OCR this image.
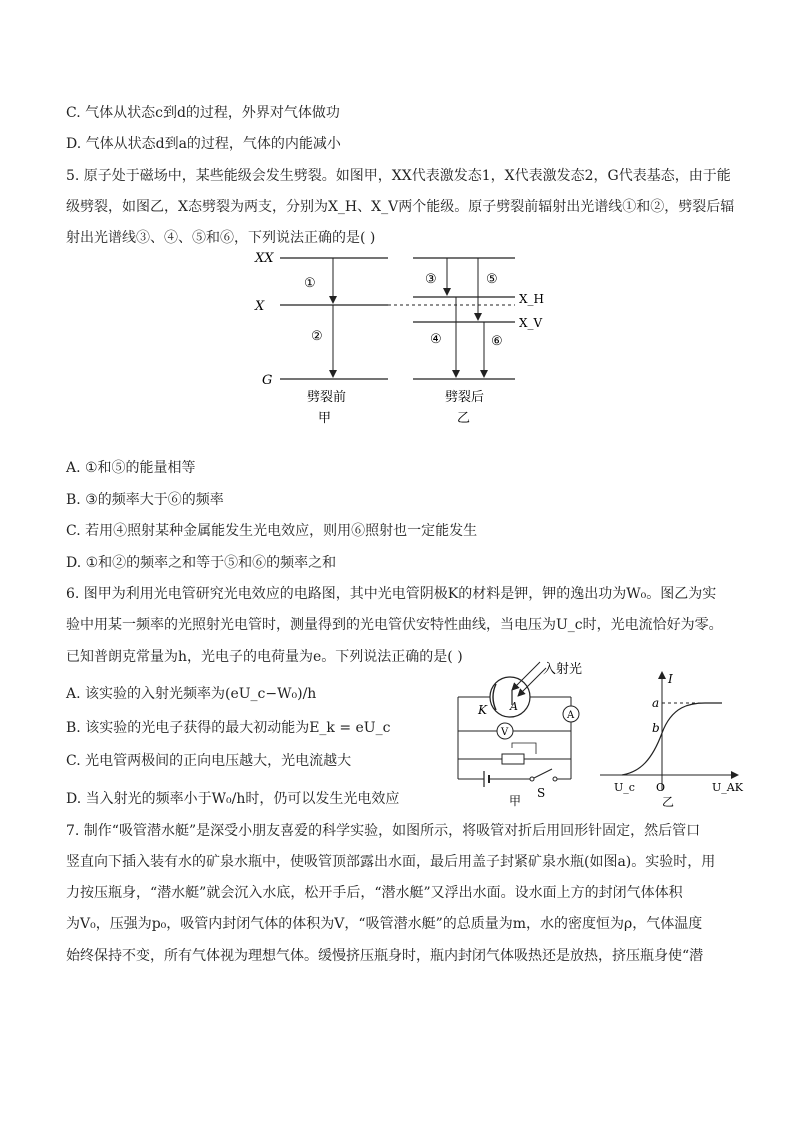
C. 气体从状态c到d的过程，外界对气体做功
D. 气体从状态d到a的过程，气体的内能减小
5. 原子处于磁场中，某些能级会发生劈裂。如图甲，XX代表激发态1，X代表激发态2，G代表基态，由于能
级劈裂，如图乙，X态劈裂为两支，分别为X_H、X_V两个能级。原子劈裂前辐射出光谱线①和②，劈裂后辐
射出光谱线③、④、⑤和⑥，下列说法正确的是( )
XX
X
G
①
②
劈裂前
甲
③	⑤
④	⑥
X_H
X_V
劈裂后
乙
A. ①和⑤的能量相等
B. ③的频率大于⑥的频率
C. 若用④照射某种金属能发生光电效应，则用⑥照射也一定能发生
D. ①和②的频率之和等于⑤和⑥的频率之和
6. 图甲为利用光电管研究光电效应的电路图，其中光电管阴极K的材料是钾，钾的逸出功为W₀。图乙为实
验中用某一频率的光照射光电管时，测量得到的光电管伏安特性曲线，当电压为U_c时，光电流恰好为零。
已知普朗克常量为h，光电子的电荷量为e。下列说法正确的是( )
A. 该实验的入射光频率为(eU_c−W₀)/h
B. 该实验的光电子获得的最大初动能为E_k = eU_c
C. 光电管两极间的正向电压越大，光电流越大
D. 当入射光的频率小于W₀/h时，仍可以发生光电效应
入射光
K A
A
V
S
甲
I
a
b
U_c O	U_AK
乙
7. 制作“吸管潜水艇”是深受小朋友喜爱的科学实验，如图所示，将吸管对折后用回形针固定，然后管口
竖直向下插入装有水的矿泉水瓶中，使吸管顶部露出水面，最后用盖子封紧矿泉水瓶(如图a)。实验时，用
力按压瓶身，“潜水艇”就会沉入水底，松开手后，“潜水艇”又浮出水面。设水面上方的封闭气体体积
为V₀，压强为p₀，吸管内封闭气体的体积为V，“吸管潜水艇”的总质量为m，水的密度恒为ρ，气体温度
始终保持不变，所有气体视为理想气体。缓慢挤压瓶身时，瓶内封闭气体吸热还是放热，挤压瓶身使“潜
